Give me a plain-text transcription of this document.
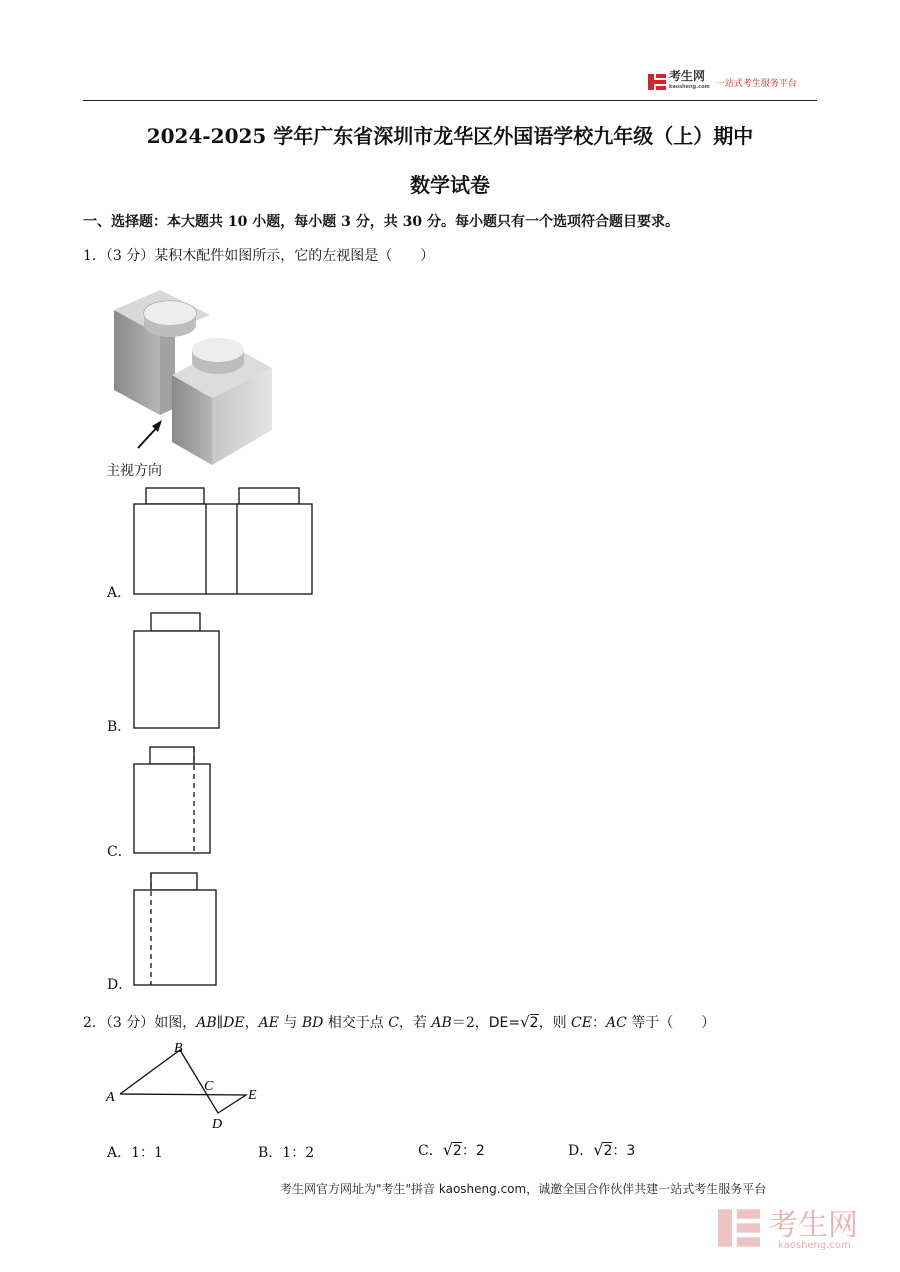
考生网
kaosheng.com 一站式考生服务平台
2024-2025 学年广东省深圳市龙华区外国语学校九年级（上）期中
数学试卷
一、选择题：本大题共 10 小题，每小题 3 分，共 30 分。每小题只有一个选项符合题目要求。
1．（3 分）某积木配件如图所示，它的左视图是（　　）
主视方向
A．
B．
C．
D．
2．（3 分）如图，AB∥DE，AE 与 BD 相交于点 C，若 AB＝2，DE=√2，则 CE：AC 等于（　　）
A
B
C
D
E
A．1：1	B．1：2	C．√2：2	D．√2：3
考生网官方网址为"考生"拼音 kaosheng.com，诚邀全国合作伙伴共建一站式考生服务平台
考生网
kaosheng.com
